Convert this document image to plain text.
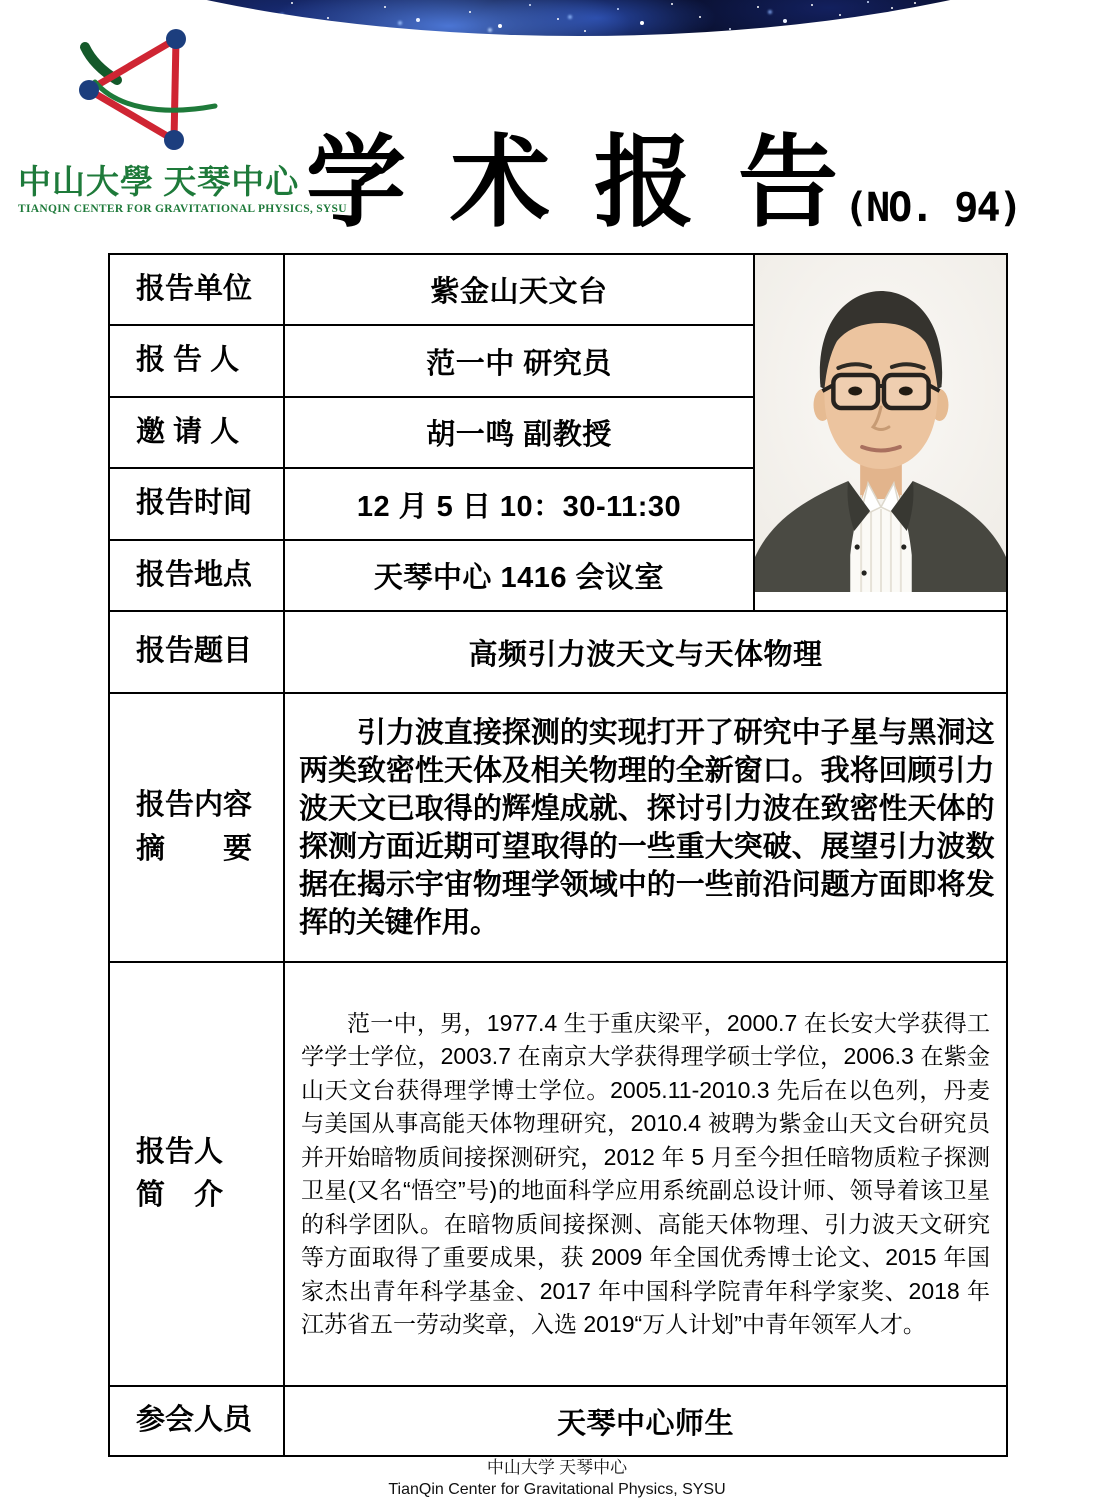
中山大學 天琴中心
TIANQIN CENTER FOR GRAVITATIONAL PHYSICS, SYSU
学 术 报 告 (NO. 94)
报告单位	紫金山天文台	

报 告 人	范一中 研究员	
邀 请 人	胡一鸣 副教授	
报告时间	12 月 5 日 10：30-11:30	
报告地点	天琴中心 1416 会议室	
报告题目	高频引力波天文与天体物理	

报告内容
摘　　要	引力波直接探测的实现打开了研究中子星与黑洞这两类致密性天体及相关物理的全新窗口。我将回顾引力波天文已取得的辉煌成就、探讨引力波在致密性天体的探测方面近期可望取得的一些重大突破、展望引力波数据在揭示宇宙物理学领域中的一些前沿问题方面即将发挥的关键作用。	

报告人
简　介	范一中，男，1977.4 生于重庆梁平，2000.7 在长安大学获得工学学士学位，2003.7 在南京大学获得理学硕士学位，2006.3 在紫金山天文台获得理学博士学位。2005.11-2010.3 先后在以色列，丹麦与美国从事高能天体物理研究，2010.4 被聘为紫金山天文台研究员并开始暗物质间接探测研究，2012 年 5 月至今担任暗物质粒子探测卫星(又名“悟空”号)的地面科学应用系统副总设计师、领导着该卫星的科学团队。在暗物质间接探测、高能天体物理、引力波天文研究等方面取得了重要成果，获 2009 年全国优秀博士论文、2015 年国家杰出青年科学基金、2017 年中国科学院青年科学家奖、2018 年江苏省五一劳动奖章，入选 2019“万人计划”中青年领军人才。	

参会人员	天琴中心师生	
中山大学 天琴中心
TianQin Center for Gravitational Physics, SYSU
